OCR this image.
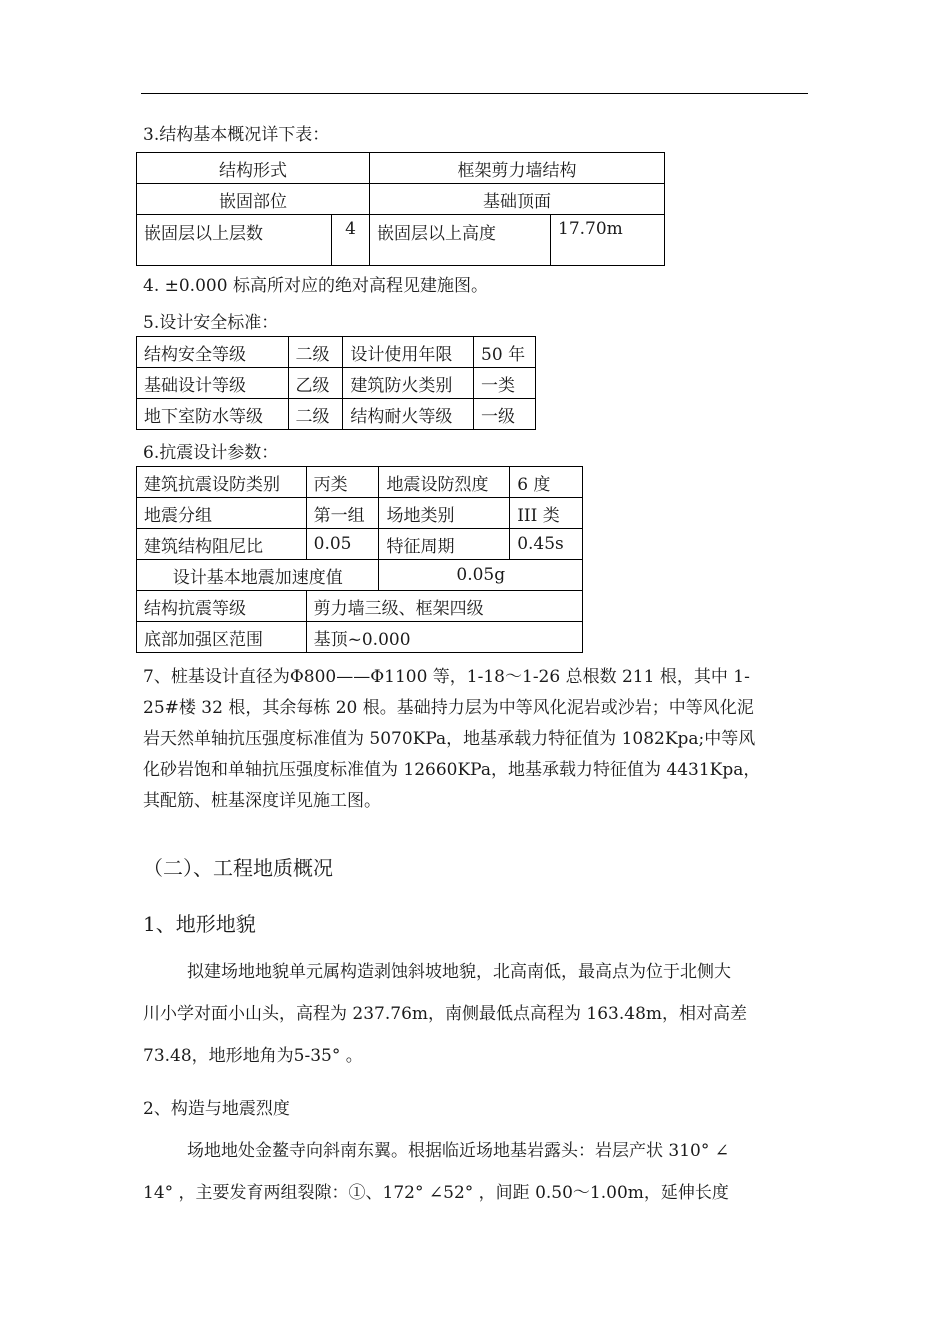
3.结构基本概况详下表：
结构形式		框架剪力墙结构	
嵌固部位		基础顶面	
嵌固层以上层数	4	嵌固层以上高度	17.70m
4. ±0.000 标高所对应的绝对高程见建施图。
5.设计安全标准：
结构安全等级	二级	设计使用年限	50 年
基础设计等级	乙级	建筑防火类别	一类
地下室防水等级	二级	结构耐火等级	一级
6.抗震设计参数：
建筑抗震设防类别	丙类	地震设防烈度	6 度
地震分组	第一组	场地类别	III 类
建筑结构阻尼比	0.05	特征周期	0.45s
设计基本地震加速度值		0.05g	
结构抗震等级	剪力墙三级、框架四级		
底部加强区范围	基顶~0.000		
7、桩基设计直径为Φ800——Φ1100 等，1-18～1-26 总根数 211 根，其中 1-
25#楼 32 根，其余每栋 20 根。基础持力层为中等风化泥岩或沙岩；中等风化泥
岩天然单轴抗压强度标准值为 5070KPa，地基承载力特征值为 1082Kpa;中等风
化砂岩饱和单轴抗压强度标准值为 12660KPa，地基承载力特征值为 4431Kpa，
其配筋、桩基深度详见施工图。
（二）、工程地质概况
1、地形地貌
拟建场地地貌单元属构造剥蚀斜坡地貌，北高南低，最高点为位于北侧大
川小学对面小山头，高程为 237.76m，南侧最低点高程为 163.48m，相对高差
73.48，地形地角为5-35° 。
2、构造与地震烈度
场地地处金鳌寺向斜南东翼。根据临近场地基岩露头：岩层产状 310° ∠
14° ，主要发育两组裂隙：①、172° ∠52° ，间距 0.50～1.00m，延伸长度
